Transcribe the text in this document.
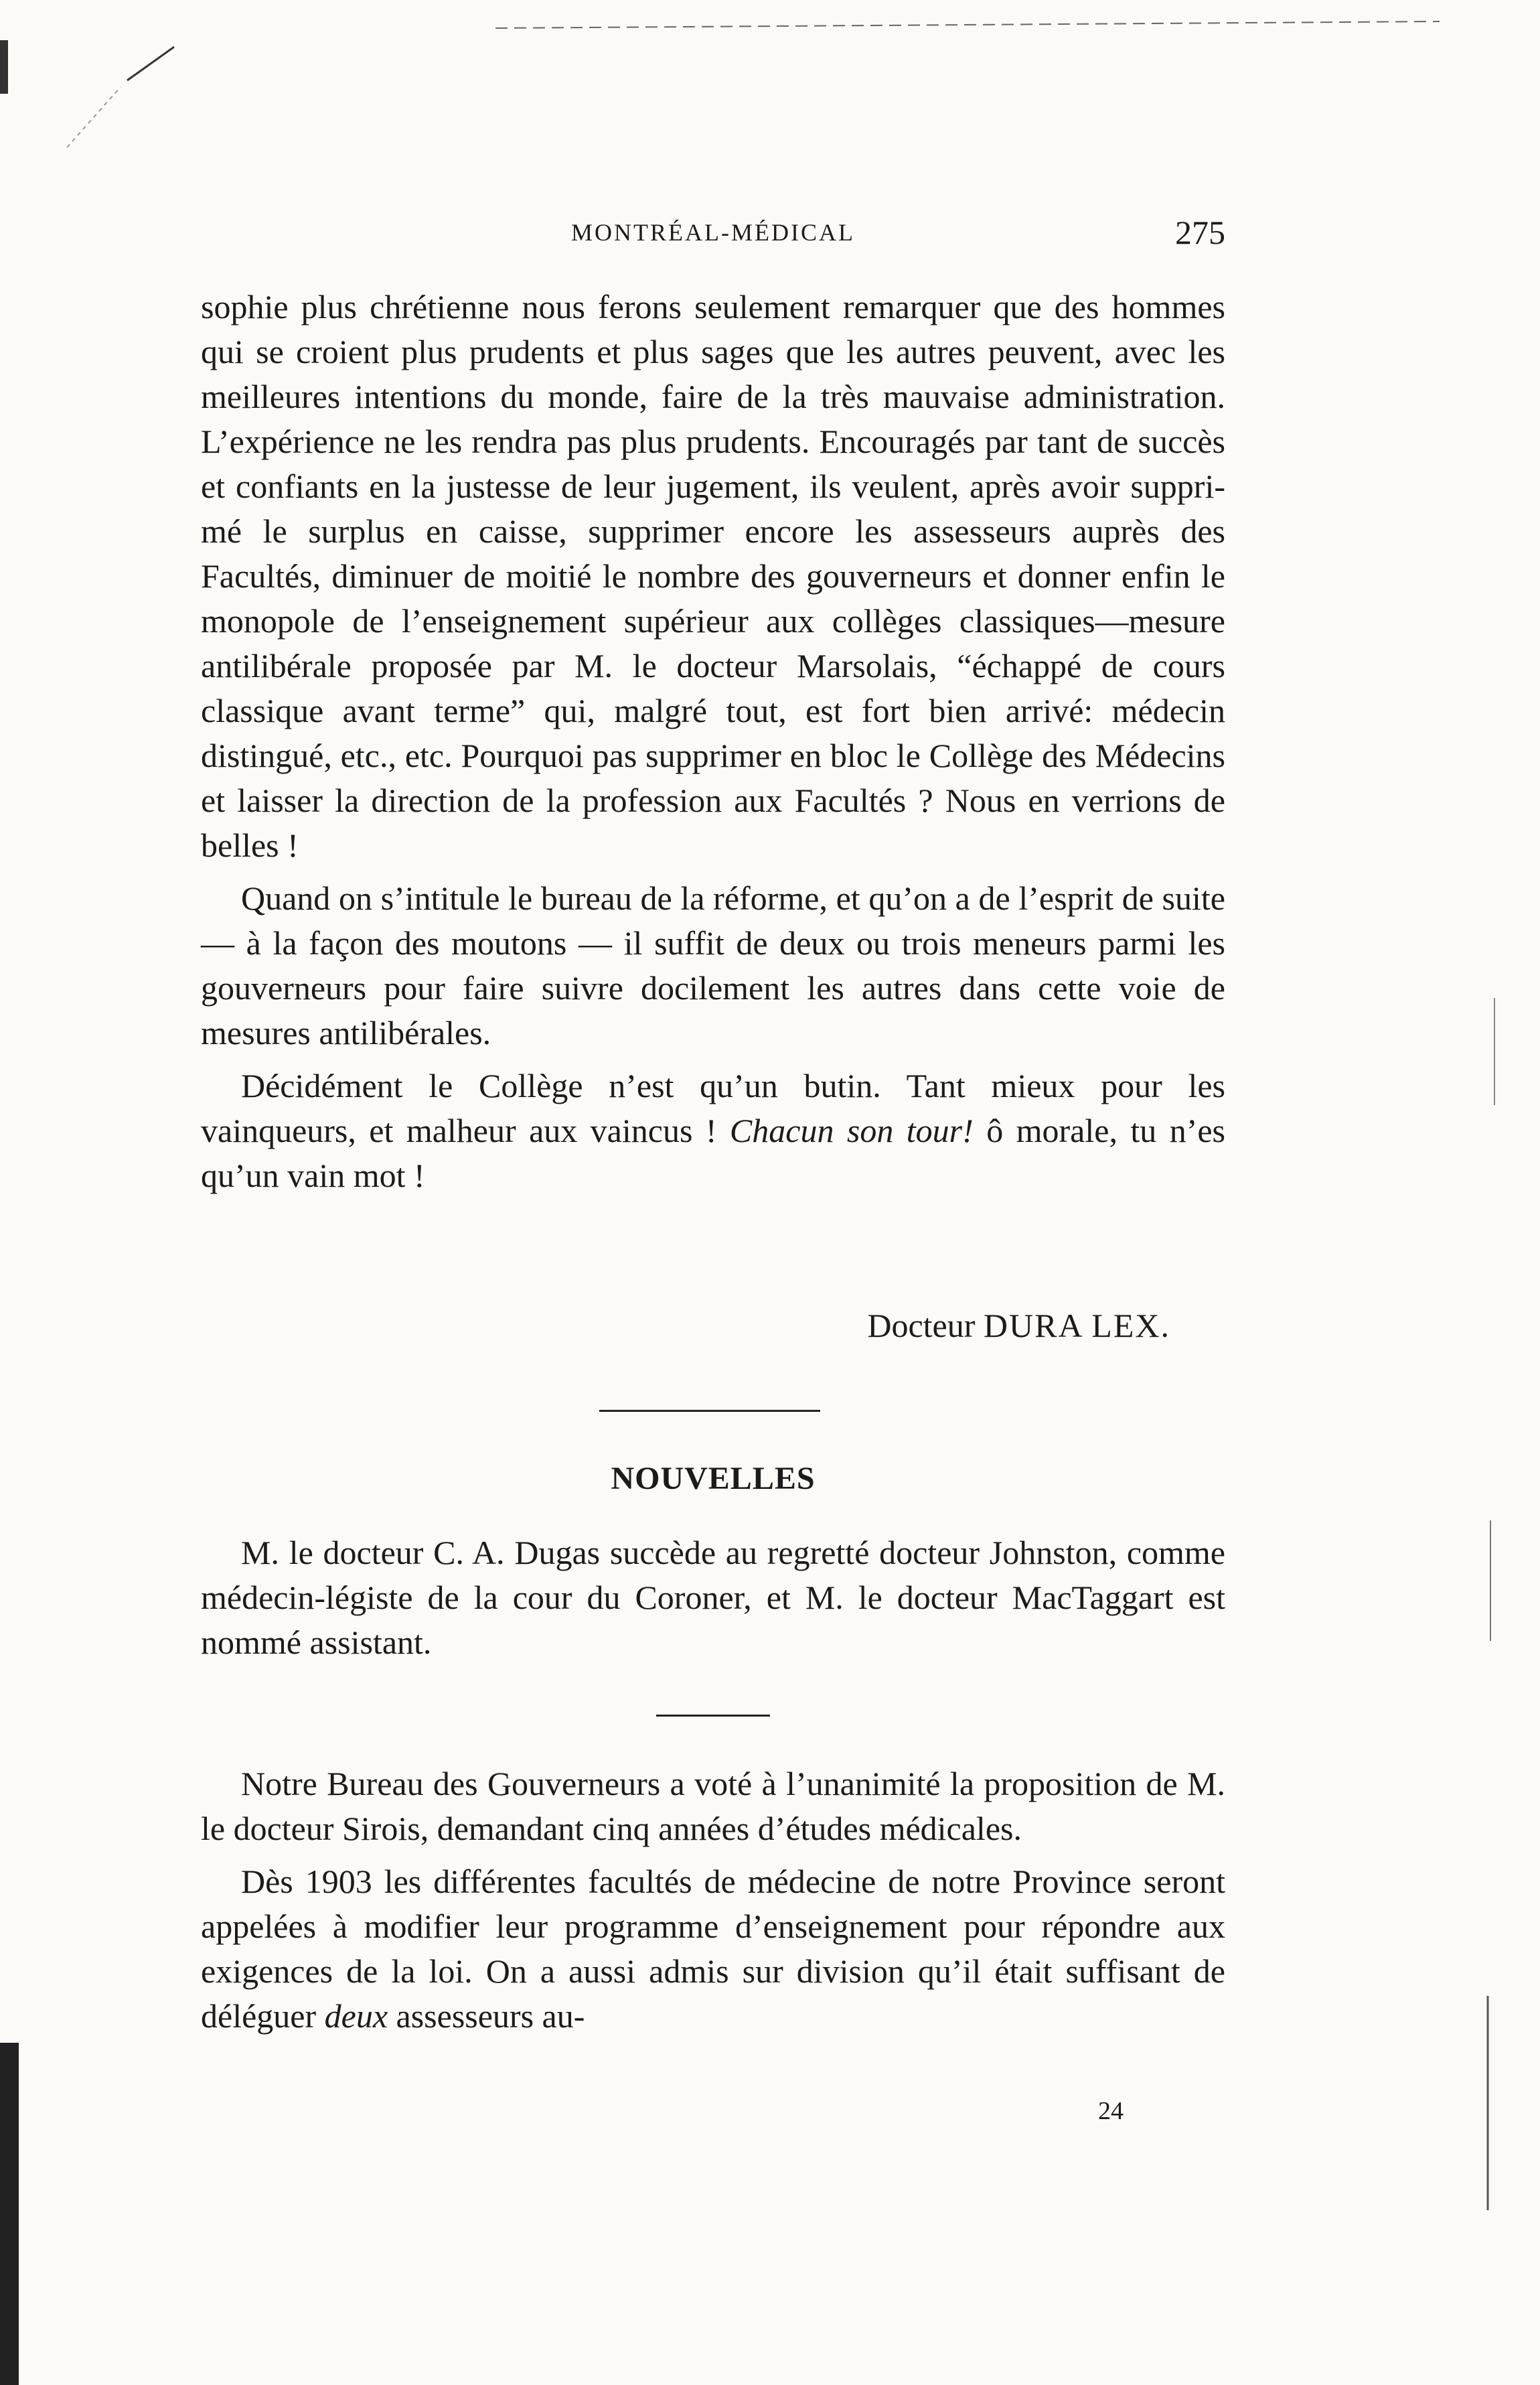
MONTRÉAL-MÉDICAL	275

sophie plus chrétienne nous ferons seulement remarquer que des hommes qui se croient plus prudents et plus sages que les autres peuvent, avec les meilleures intentions du monde, faire de la très mauvaise administration. L’expérience ne les rendra pas plus prudents. Encouragés par tant de succès et confiants en la justesse de leur jugement, ils veulent, après avoir supprimé le surplus en caisse, supprimer encore les assesseurs auprès des Facultés, diminuer de moitié le nombre des gouverneurs et donner enfin le monopole de l’enseignement supérieur aux collèges classiques—mesure antilibérale proposée par M. le docteur Marsolais, “échappé de cours classique avant terme” qui, malgré tout, est fort bien arrivé: médecin distingué, etc., etc. Pourquoi pas supprimer en bloc le Collège des Médecins et laisser la direction de la profession aux Facultés ? Nous en verrions de belles !

Quand on s’intitule le bureau de la réforme, et qu’on a de l’esprit de suite — à la façon des moutons — il suffit de deux ou trois meneurs parmi les gouverneurs pour faire suivre docilement les autres dans cette voie de mesures antilibérales.

Décidément le Collège n’est qu’un butin. Tant mieux pour les vainqueurs, et malheur aux vaincus ! Chacun son tour! ô morale, tu n’es qu’un vain mot !

Docteur DURA LEX.
NOUVELLES

M. le docteur C. A. Dugas succède au regretté docteur Johnston, comme médecin-légiste de la cour du Coroner, et M. le docteur MacTaggart est nommé assistant.

Notre Bureau des Gouverneurs a voté à l’unanimité la proposition de M. le docteur Sirois, demandant cinq années d’études médicales.

Dès 1903 les différentes facultés de médecine de notre Province seront appelées à modifier leur programme d’enseignement pour répondre aux exigences de la loi. On a aussi admis sur division qu’il était suffisant de déléguer deux assesseurs au-

24
